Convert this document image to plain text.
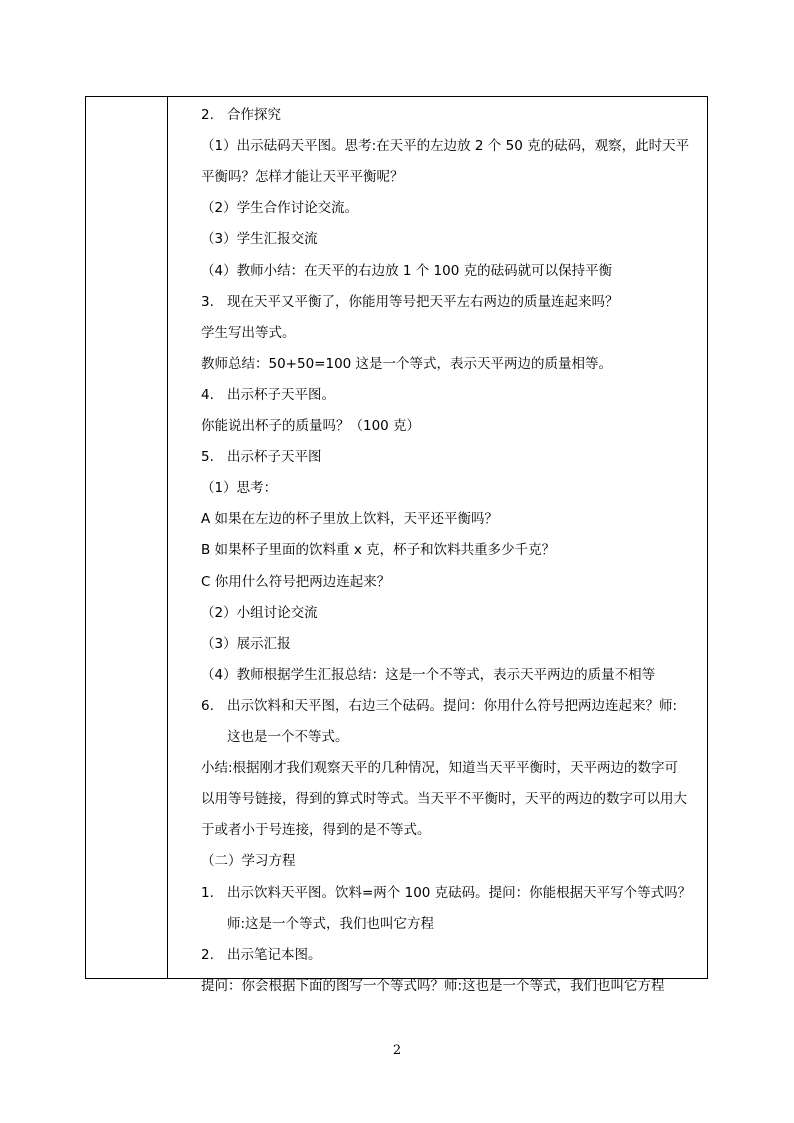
2. 合作探究
（1）出示砝码天平图。思考:在天平的左边放 2 个 50 克的砝码，观察，此时天平
平衡吗？怎样才能让天平平衡呢？
（2）学生合作讨论交流。
（3）学生汇报交流
（4）教师小结：在天平的右边放 1 个 100 克的砝码就可以保持平衡
3. 现在天平又平衡了，你能用等号把天平左右两边的质量连起来吗？
学生写出等式。
教师总结：50+50=100 这是一个等式，表示天平两边的质量相等。
4. 出示杯子天平图。
你能说出杯子的质量吗？（100 克）
5. 出示杯子天平图
（1）思考：
A 如果在左边的杯子里放上饮料，天平还平衡吗？
B 如果杯子里面的饮料重 x 克，杯子和饮料共重多少千克？
C 你用什么符号把两边连起来？
（2）小组讨论交流
（3）展示汇报
（4）教师根据学生汇报总结：这是一个不等式，表示天平两边的质量不相等
6. 出示饮料和天平图，右边三个砝码。提问：你用什么符号把两边连起来？师:
这也是一个不等式。
小结:根据刚才我们观察天平的几种情况，知道当天平平衡时，天平两边的数字可
以用等号链接，得到的算式时等式。当天平不平衡时，天平的两边的数字可以用大
于或者小于号连接，得到的是不等式。
（二）学习方程
1. 出示饮料天平图。饮料=两个 100 克砝码。提问：你能根据天平写个等式吗？
师:这是一个等式，我们也叫它方程
2. 出示笔记本图。
提问：你会根据下面的图写一个等式吗？师:这也是一个等式，我们也叫它方程
2
